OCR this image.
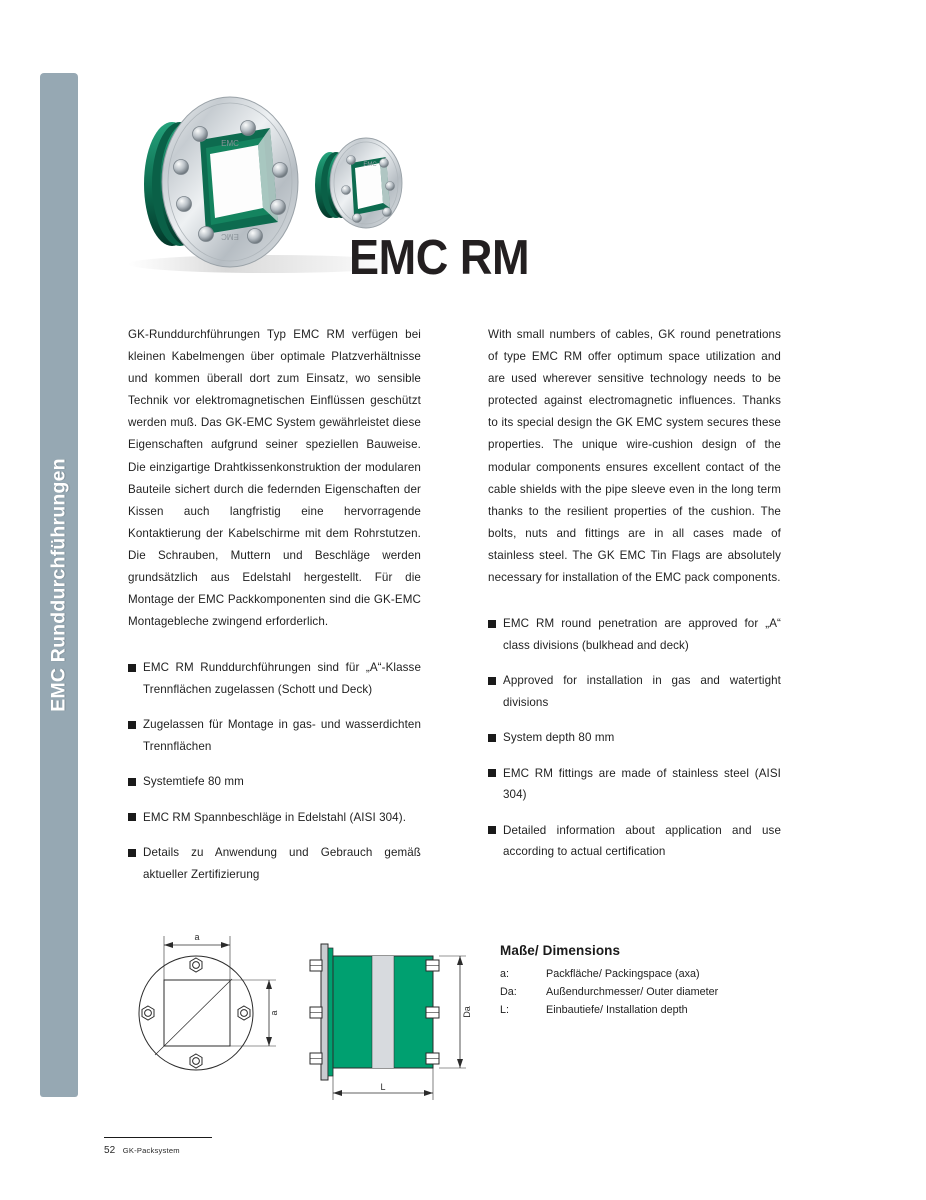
EMC Runddurchführungen
EMC
EMC
EMC
EMC RM

GK-Runddurchführungen Typ EMC RM verfügen bei kleinen Kabelmengen über optimale Platzverhältnisse und kommen überall dort zum Einsatz, wo sensible Technik vor elektromagnetischen Einflüssen geschützt werden muß. Das GK-EMC System gewährleistet diese Eigenschaften aufgrund seiner speziellen Bauweise. Die einzigartige Drahtkissenkonstruktion der modularen Bauteile sichert durch die federnden Eigenschaften der Kissen auch langfristig eine hervorragende Kontaktierung der Kabelschirme mit dem Rohrstutzen. Die Schrauben, Muttern und Beschläge werden grundsätzlich aus Edelstahl hergestellt. Für die Montage der EMC Packkomponenten sind die GK-EMC Montagebleche zwingend erforderlich.

EMC RM Runddurchführungen sind für „A“-Klasse Trennflächen zugelassen (Schott und Deck)
Zugelassen für Montage in gas- und wasserdichten Trennflächen
Systemtiefe 80 mm
EMC RM Spannbeschläge in Edelstahl (AISI 304).
Details zu Anwendung und Gebrauch gemäß aktueller Zertifizierung

With small numbers of cables, GK round penetrations of type EMC RM offer optimum space utilization and are used wherever sensitive technology needs to be protected against electromagnetic influences. Thanks to its special design the GK EMC system secures these properties. The unique wire-cushion design of the modular components ensures excellent contact of the cable shields with the pipe sleeve even in the long term thanks to the resilient properties of the cushion. The bolts, nuts and fittings are in all cases made of stainless steel. The GK EMC Tin Flags are absolutely necessary for installation of the EMC pack components.

EMC RM round penetration are approved for „A“ class divisions (bulkhead and deck)
Approved for installation in gas and watertight divisions
System depth 80 mm
EMC RM fittings are made of stainless steel (AISI 304)
Detailed information about application and use according to actual certification
a
a	Da
L
Maße/ Dimensions
a:	Packfläche/ Packingspace (axa)
Da:	Außendurchmesser/ Outer diameter
L:	Einbautiefe/ Installation depth
52 GK-Packsystem
